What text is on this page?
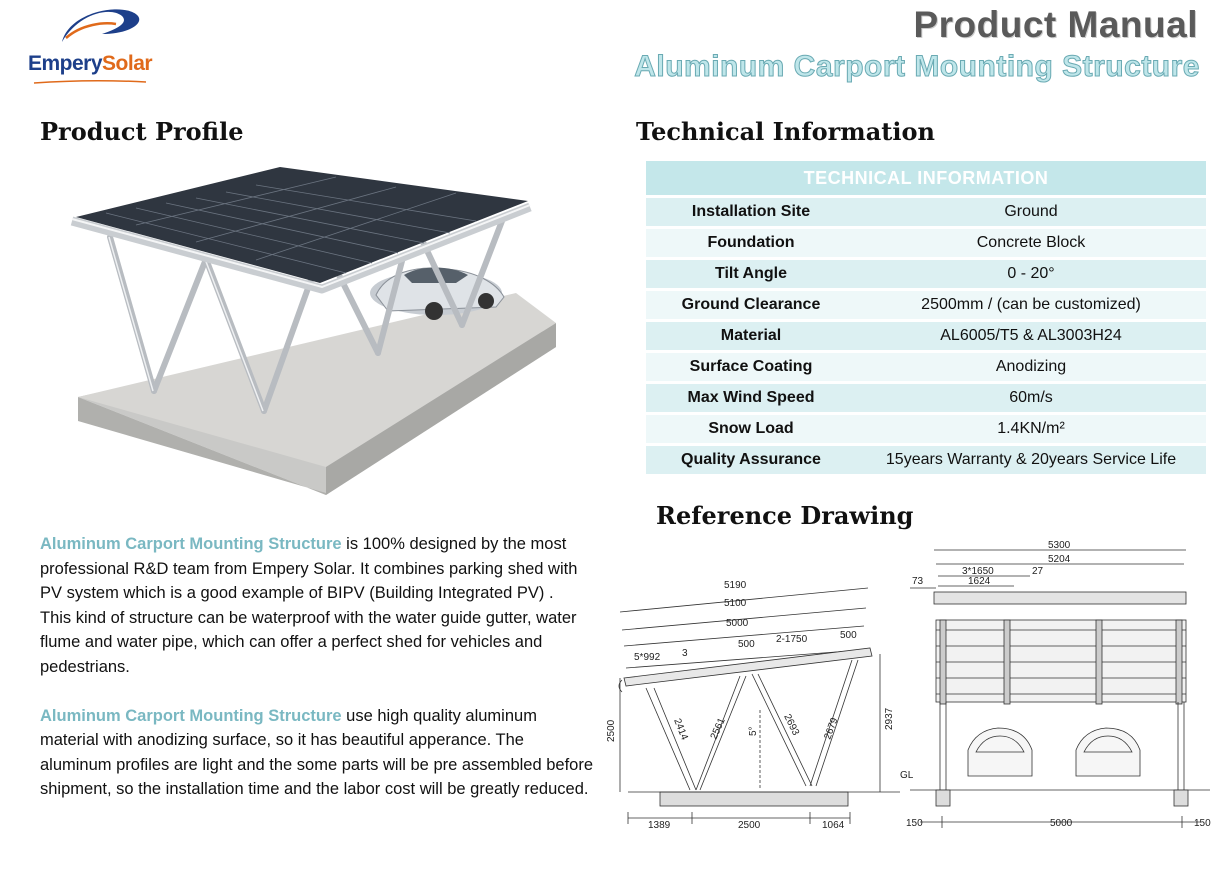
EmperySolar
Product Manual
Aluminum Carport Mounting Structure
Product Profile	Technical Information
Reference Drawing
TECHNICAL INFORMATION	
Installation Site	Ground
Foundation	Concrete Block
Tilt Angle	0 - 20°
Ground Clearance	2500mm / (can be customized)
Material	AL6005/T5 & AL3003H24
Surface Coating	Anodizing
Max Wind Speed	60m/s
Snow Load	1.4KN/m²
Quality Assurance	15years Warranty & 20years Service Life
Aluminum Carport Mounting Structure is 100% designed by the most professional R&D team from Empery Solar. It combines parking shed with PV system which is a good example of BIPV (Building Integrated PV) .
This kind of structure can be waterproof with the water guide gutter, water flume and water pipe, which can offer a perfect shed for vehicles and pedestrians.
Aluminum Carport Mounting Structure use high quality aluminum material with anodizing surface, so it has beautiful apperance. The aluminum profiles are light and the some parts will be pre assembled before shipment, so the installation time and the labor cost will be greatly reduced.
5190
5100
5000
5*992 3
500 2-1750	500
2500	2414 2561 5° 2693 2679	2937
GL
1389	2500	1064
5300
5204
3*1650	27
73	1624
150	5000	150
